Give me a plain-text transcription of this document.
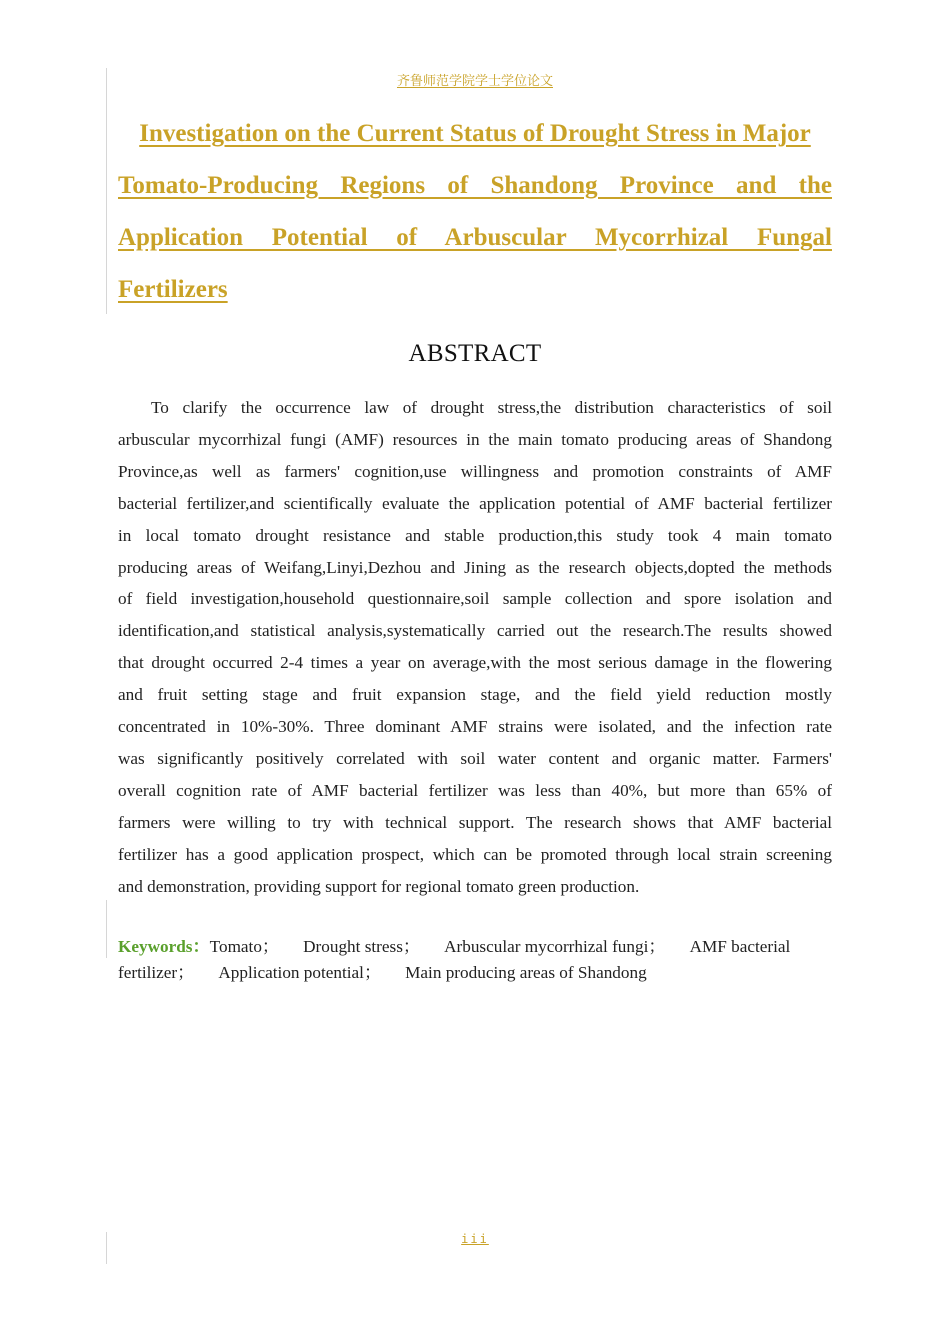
齐鲁师范学院学士学位论文
Investigation on the Current Status of Drought Stress in Major
Tomato-Producing Regions of Shandong Province and the
Application Potential of Arbuscular Mycorrhizal Fungal
Fertilizers
ABSTRACT
To clarify the occurrence law of drought stress,the distribution characteristics of soil
arbuscular mycorrhizal fungi (AMF) resources in the main tomato producing areas of Shandong
Province,as well as farmers' cognition,use willingness and promotion constraints of AMF
bacterial fertilizer,and scientifically evaluate the application potential of AMF bacterial fertilizer
in local tomato drought resistance and stable production,this study took 4 main tomato
producing areas of Weifang,Linyi,Dezhou and Jining as the research objects,dopted the methods
of field investigation,household questionnaire,soil sample collection and spore isolation and
identification,and statistical analysis,systematically carried out the research.The results showed
that drought occurred 2-4 times a year on average,with the most serious damage in the flowering
and fruit setting stage and fruit expansion stage, and the field yield reduction mostly
concentrated in 10%-30%. Three dominant AMF strains were isolated, and the infection rate
was significantly positively correlated with soil water content and organic matter. Farmers'
overall cognition rate of AMF bacterial fertilizer was less than 40%, but more than 65% of
farmers were willing to try with technical support. The research shows that AMF bacterial
fertilizer has a good application prospect, which can be promoted through local strain screening
and demonstration, providing support for regional tomato green production.
Keywords：Tomato； Drought stress； Arbuscular mycorrhizal fungi； AMF bacterial
fertilizer； Application potential； Main producing areas of Shandong
iii
